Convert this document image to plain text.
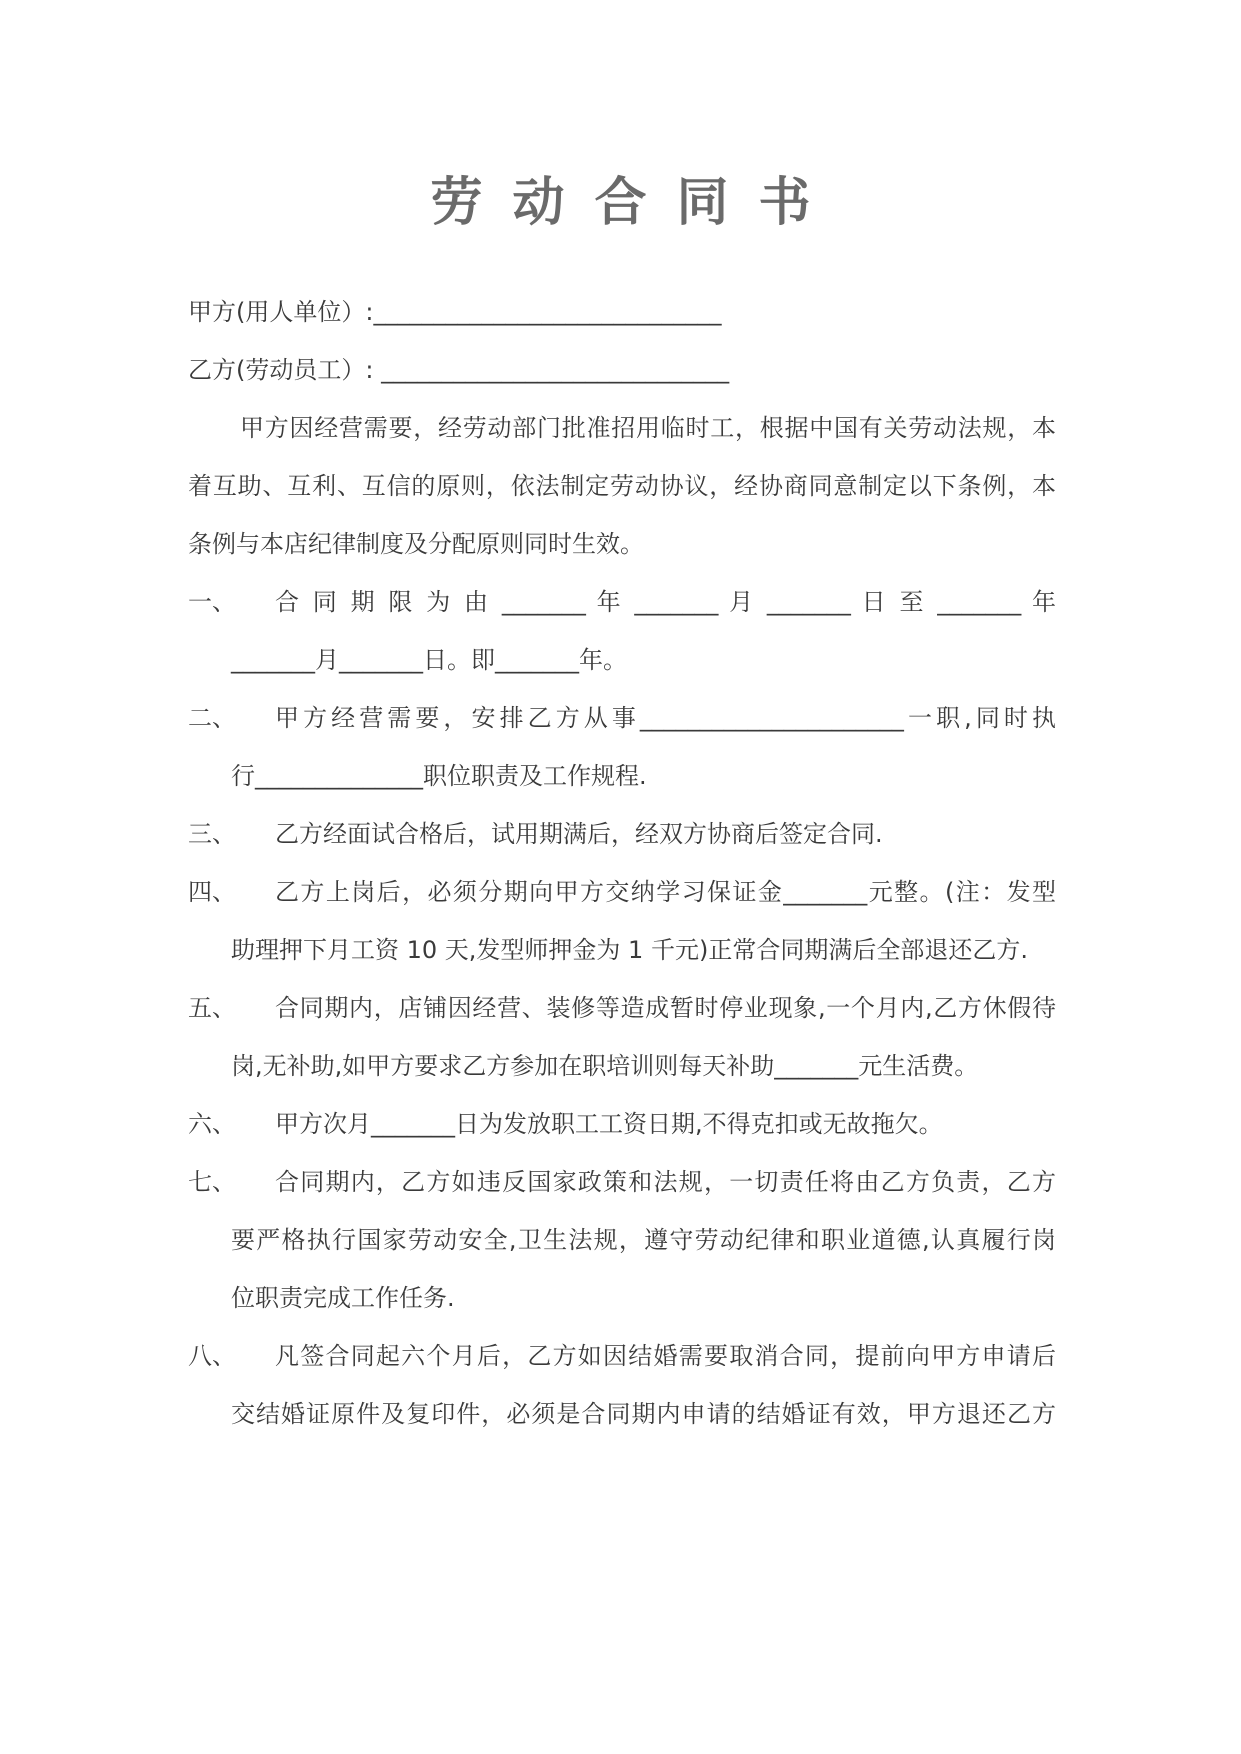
劳动合同书
甲方(用人单位）:_____________________________
乙方(劳动员工）: _____________________________
甲方因经营需要，经劳动部门批准招用临时工，根据中国有关劳动法规，本
着互助、互利、互信的原则，依法制定劳动协议，经协商同意制定以下条例，本
条例与本店纪律制度及分配原则同时生效。
一、 合 同 期 限 为 由 _______ 年 _______ 月 _______ 日 至 _______ 年
_______月_______日。即_______年。
二、 甲方经营需要，安排乙方从事______________________一职,同时执
行______________职位职责及工作规程.
三、 乙方经面试合格后，试用期满后，经双方协商后签定合同.
四、 乙方上岗后，必须分期向甲方交纳学习保证金_______元整。(注：发型
助理押下月工资 10 天,发型师押金为 1 千元)正常合同期满后全部退还乙方.
五、 合同期内，店铺因经营、装修等造成暂时停业现象,一个月内,乙方休假待
岗,无补助,如甲方要求乙方参加在职培训则每天补助_______元生活费。
六、 甲方次月_______日为发放职工工资日期,不得克扣或无故拖欠。
七、 合同期内，乙方如违反国家政策和法规，一切责任将由乙方负责，乙方
要严格执行国家劳动安全,卫生法规，遵守劳动纪律和职业道德,认真履行岗
位职责完成工作任务.
八、 凡签合同起六个月后，乙方如因结婚需要取消合同，提前向甲方申请后
交结婚证原件及复印件，必须是合同期内申请的结婚证有效，甲方退还乙方
